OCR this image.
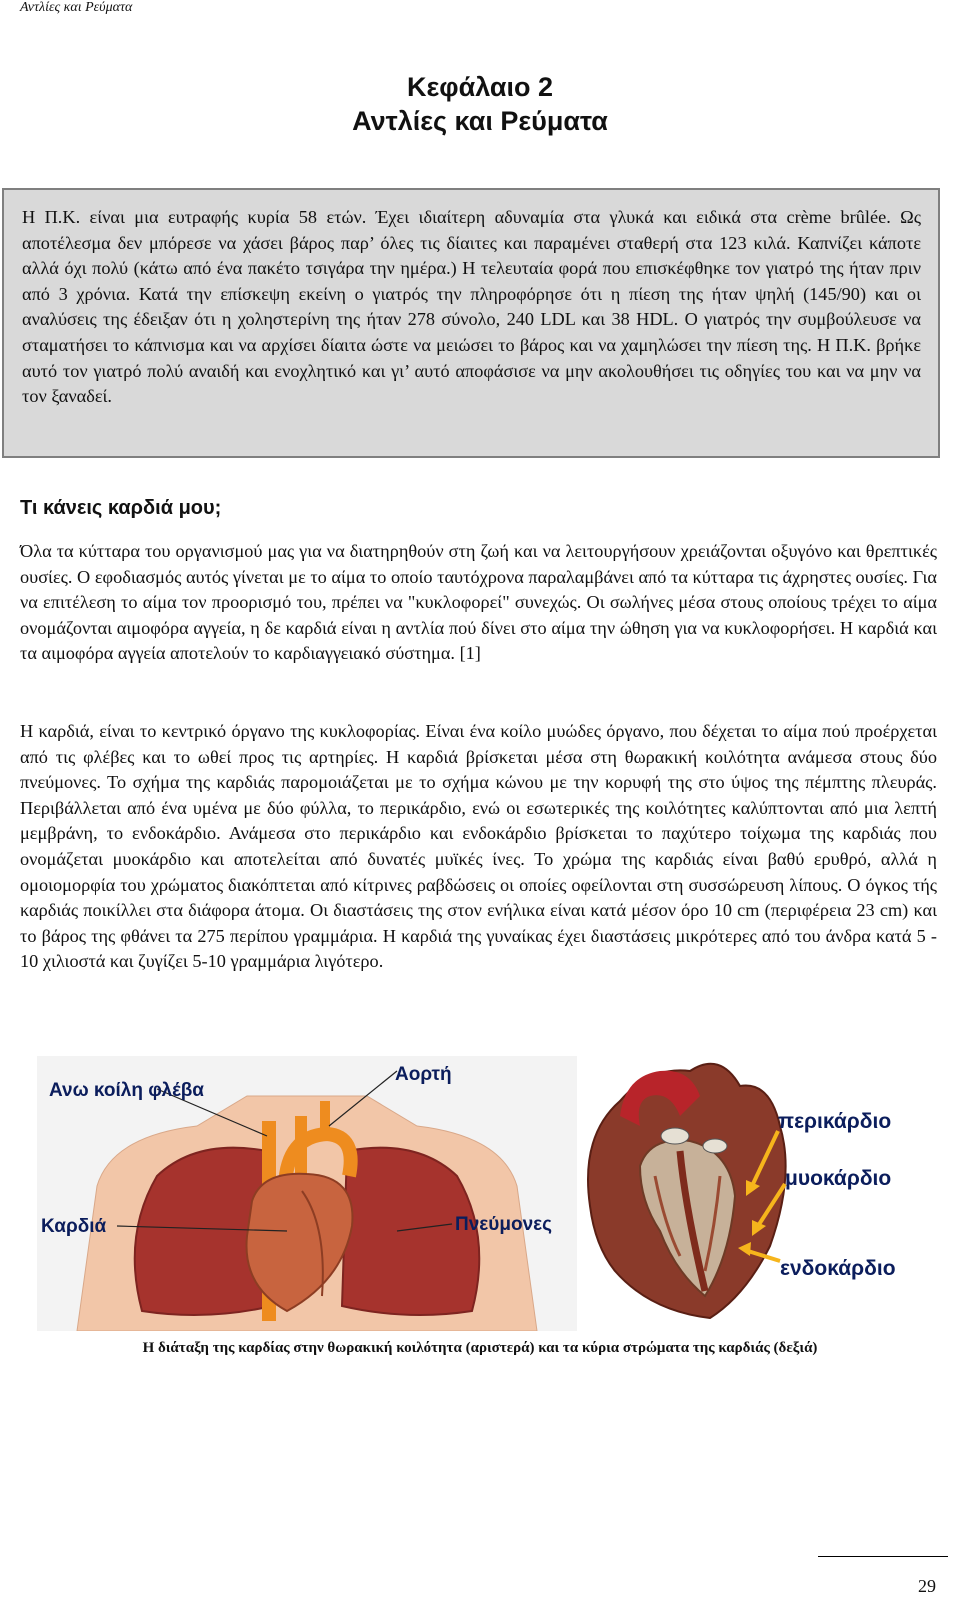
Αντλίες και Ρεύματα
Κεφάλαιο 2
Αντλίες και Ρεύματα

Η Π.Κ. είναι μια ευτραφής κυρία 58 ετών. Έχει ιδιαίτερη αδυναμία στα γλυκά και ειδικά στα crème brûlée. Ως αποτέλεσμα δεν μπόρεσε να χάσει βάρος παρ’ όλες τις δίαιτες και παραμένει σταθερή στα 123 κιλά. Καπνίζει κάποτε αλλά όχι πολύ (κάτω από ένα πακέτο τσιγάρα την ημέρα.) Η τελευταία φορά που επισκέφθηκε τον γιατρό της ήταν πριν από 3 χρόνια. Κατά την επίσκεψη εκείνη ο γιατρός την πληροφόρησε ότι η πίεση της ήταν ψηλή (145/90) και οι αναλύσεις της έδειξαν ότι η χοληστερίνη της ήταν 278 σύνολο, 240 LDL και 38 HDL. Ο γιατρός την συμβούλευσε να σταματήσει το κάπνισμα και να αρχίσει δίαιτα ώστε να μειώσει το βάρος και να χαμηλώσει την πίεση της. Η Π.Κ. βρήκε αυτό τον γιατρό πολύ αναιδή και ενοχλητικό και γι’ αυτό αποφάσισε να μην ακολουθήσει τις οδηγίες του και να μην να τον ξαναδεί.

Τι κάνεις καρδιά μου;

Όλα τα κύτταρα του οργανισμού μας για να διατηρηθούν στη ζωή και να λειτουργήσουν χρειάζονται οξυγόνο και θρεπτικές ουσίες. Ο εφοδιασμός αυτός γίνεται με το αίμα το οποίο ταυτόχρονα παραλαμβάνει από τα κύτταρα τις άχρηστες ουσίες. Για να επιτέλεση το αίμα τον προορισμό του, πρέπει να "κυκλοφορεί" συνεχώς. Οι σωλήνες μέσα στους οποίους τρέχει το αίμα ονομάζονται αιμοφόρα αγγεία, η δε καρδιά είναι η αντλία πού δίνει στο αίμα την ώθηση για να κυκλοφορήσει. Η καρδιά και τα αιμοφόρα αγγεία αποτελούν το καρδιαγγειακό σύστημα. [1]

Η καρδιά, είναι το κεντρικό όργανο της κυκλοφορίας. Είναι ένα κοίλο μυώδες όργανο, που δέχεται το αίμα πού προέρχεται από τις φλέβες και το ωθεί προς τις αρτηρίες. Η καρδιά βρίσκεται μέσα στη θωρακική κοιλότητα ανάμεσα στους δύο πνεύμονες. Το σχήμα της καρδιάς παρομοιάζεται με το σχήμα κώνου με την κορυφή της στο ύψος της πέμπτης πλευράς. Περιβάλλεται από ένα υμένα με δύο φύλλα, το περικάρδιο, ενώ οι εσωτερικές της κοιλότητες καλύπτονται από μια λεπτή μεμβράνη, το ενδοκάρδιο. Ανάμεσα στο περικάρδιο και ενδοκάρδιο βρίσκεται το παχύτερο τοίχωμα της καρδιάς που ονομάζεται μυοκάρδιο και αποτελείται από δυνατές μυϊκές ίνες. Το χρώμα της καρδιάς είναι βαθύ ερυθρό, αλλά η ομοιομορφία του χρώματος διακόπτεται από κίτρινες ραβδώσεις οι οποίες οφείλονται στη συσσώρευση λίπους. Ο όγκος τής καρδιάς ποικίλλει στα διάφορα άτομα. Οι διαστάσεις της στον ενήλικα είναι κατά μέσον όρο 10 cm (περιφέρεια 23 cm) και το βάρος της φθάνει τα 275 περίπου γραμμάρια. Η καρδιά της γυναίκας έχει διαστάσεις μικρότερες από του άνδρα κατά 5 - 10 χιλιοστά και ζυγίζει 5-10 γραμμάρια λιγότερο.

Ανω κοίλη φλέβα
Αορτή
Καρδιά	Πνεύμονες
περικάρδιο
μυοκάρδιο
ενδοκάρδιο
Η διάταξη της καρδίας στην θωρακική κοιλότητα (αριστερά) και τα κύρια στρώματα της καρδιάς (δεξιά)
29
